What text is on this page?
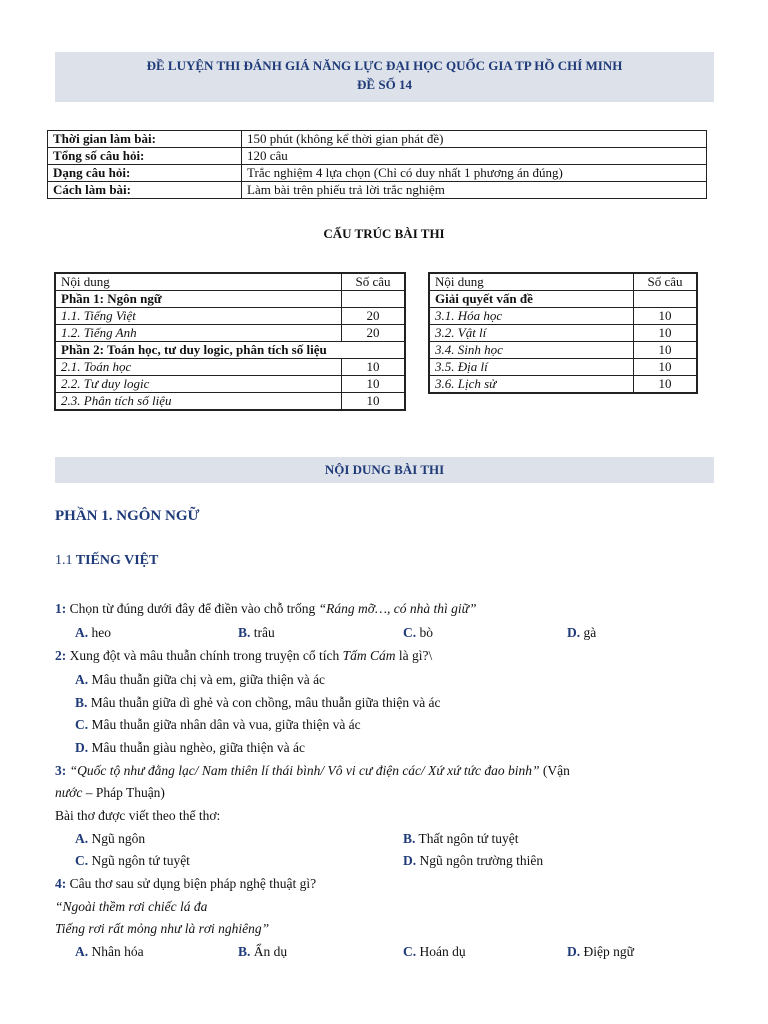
ĐỀ LUYỆN THI ĐÁNH GIÁ NĂNG LỰC ĐẠI HỌC QUỐC GIA TP HỒ CHÍ MINH
ĐỀ SỐ 14
Thời gian làm bài:	150 phút (không kể thời gian phát đề)
Tổng số câu hỏi:	120 câu
Dạng câu hỏi:	Trắc nghiệm 4 lựa chọn (Chỉ có duy nhất 1 phương án đúng)
Cách làm bài:	Làm bài trên phiếu trả lời trắc nghiệm
CẤU TRÚC BÀI THI
Nội dung	Số câu
Phần 1: Ngôn ngữ	
1.1. Tiếng Việt	20
1.2. Tiếng Anh	20
Phần 2: Toán học, tư duy logic, phân tích số liệu	
2.1. Toán học	10
2.2. Tư duy logic	10
2.3. Phân tích số liệu	10
Nội dung	Số câu
Giải quyết vấn đề	
3.1. Hóa học	10
3.2. Vật lí	10
3.4. Sinh học	10
3.5. Địa lí	10
3.6. Lịch sử	10
NỘI DUNG BÀI THI
PHẦN 1. NGÔN NGỮ
1.1 TIẾNG VIỆT
1: Chọn từ đúng dưới đây để điền vào chỗ trống “Ráng mỡ…, có nhà thì giữ”
A. heo	B. trâu	C. bò	D. gà
2: Xung đột và mâu thuẫn chính trong truyện cổ tích Tấm Cám là gì?\
A. Mâu thuẫn giữa chị và em, giữa thiện và ác
B. Mâu thuẫn giữa dì ghẻ và con chồng, mâu thuẫn giữa thiện và ác
C. Mâu thuẫn giữa nhân dân và vua, giữa thiện và ác
D. Mâu thuẫn giàu nghèo, giữa thiện và ác
3: “Quốc tộ như đằng lạc/ Nam thiên lí thái bình/ Vô vi cư điện các/ Xứ xứ tức đao binh” (Vận
nước – Pháp Thuận)
Bài thơ được viết theo thể thơ:
A. Ngũ ngôn	B. Thất ngôn tứ tuyệt
C. Ngũ ngôn tứ tuyệt	D. Ngũ ngôn trường thiên
4: Câu thơ sau sử dụng biện pháp nghệ thuật gì?
“Ngoài thềm rơi chiếc lá đa
Tiếng rơi rất mỏng như là rơi nghiêng”
A. Nhân hóa	B. Ẩn dụ	C. Hoán dụ	D. Điệp ngữ
